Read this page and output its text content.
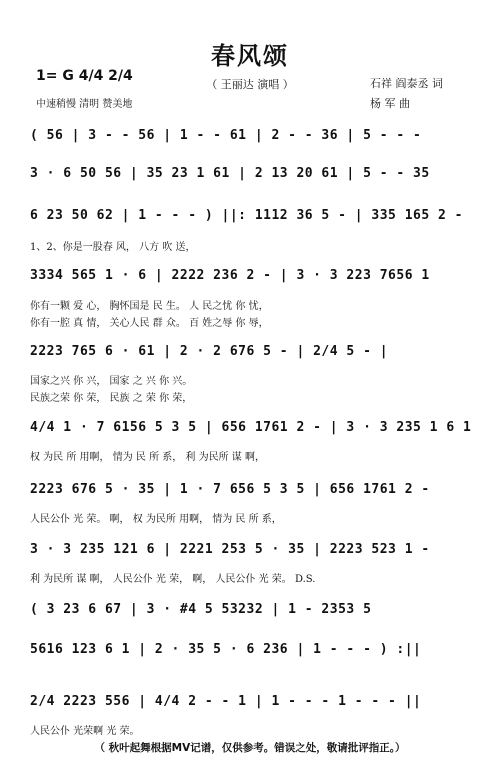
春风颂
（ 王丽达 演唱 ）
1= G 4/4 2/4
中速稍慢 清明 赞美地
石祥 阎泰丞 词
杨 军 曲
( 56 | 3 - - 56 | 1 - - 61 | 2 - - 36 | 5 - - -
3 · 6 50 56 | 35 23 1 61 | 2 13 20 61 | 5 - - 35
6 23 50 62 | 1 - - - ) ||: 1112 36 5 - | 335 165 2 -
3334 565 1 · 6 | 2222 236 2 - | 3 · 3 223 7656 1
2223 765 6 · 61 | 2 · 2 676 5 - | 2/4 5 - |
4/4 1 · 7 6156 5 3 5 | 656 1761 2 - | 3 · 3 235 1 6 1
2223 676 5 · 35 | 1 · 7 656 5 3 5 | 656 1761 2 -
3 · 3 235 121 6 | 2221 253 5 · 35 | 2223 523 1 -
( 3 23 6 67 | 3 · #4 5 53232 | 1 - 2353 5
5616 123 6 1 | 2 · 35 5 · 6 236 | 1 - - - ) :||
2/4 2223 556 | 4/4 2 - - 1 | 1 - - - 1 - - - ||
1、2、你是一股春 风， 八方 吹 送，
你有一颗 爱 心， 胸怀国是 民 生。 人 民之忧 你 忧，
你有一腔 真 情， 关心人民 群 众。 百 姓之辱 你 辱，
国家之兴 你 兴， 国家 之 兴 你 兴。
民族之荣 你 荣， 民族 之 荣 你 荣，
权 为民 所 用啊， 情为 民 所 系， 利 为民所 谋 啊，
人民公仆 光 荣。 啊， 权 为民所 用啊， 情为 民 所 系，
利 为民所 谋 啊， 人民公仆 光 荣， 啊， 人民公仆 光 荣。 D.S.
人民公仆 光荣啊 光 荣。
（ 秋叶起舞根据MV记谱，仅供参考。错误之处，敬请批评指正。）
